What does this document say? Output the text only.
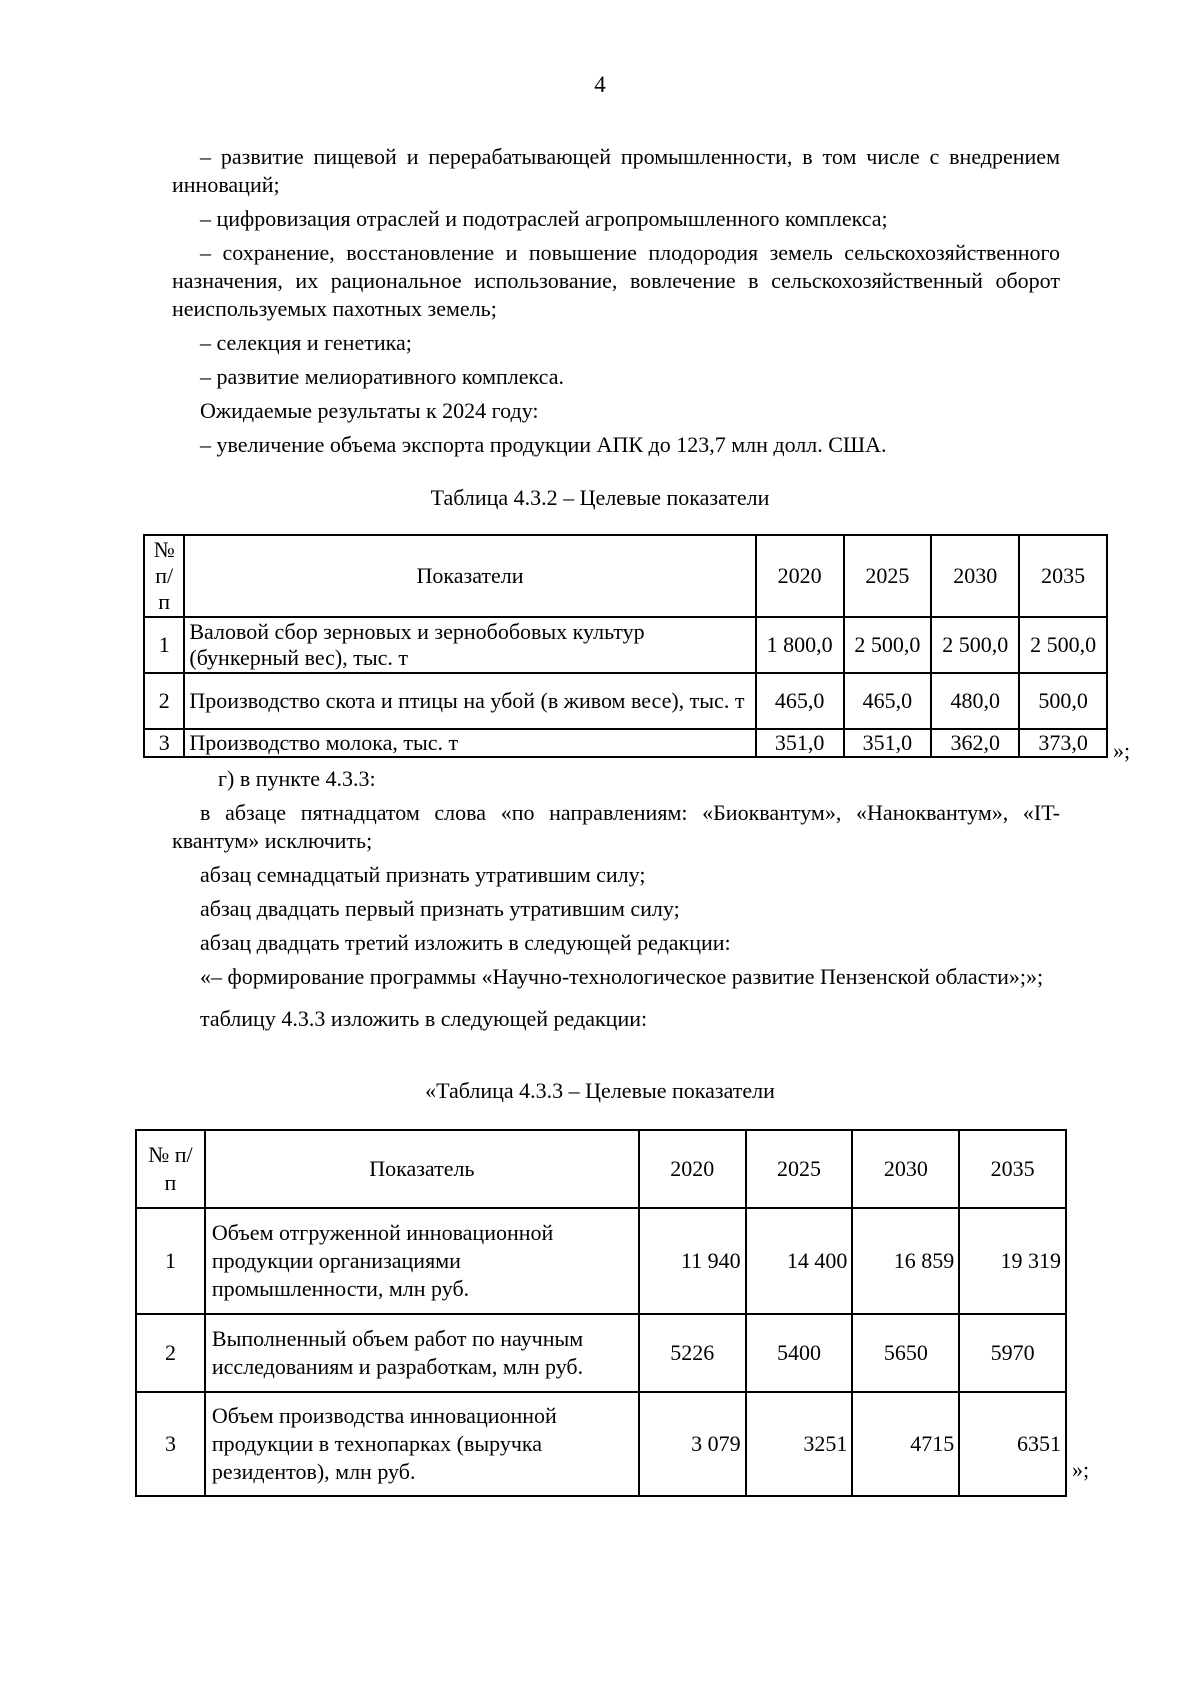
4

– развитие пищевой и перерабатывающей промышленности, в том числе с внедрением инноваций;

– цифровизация отраслей и подотраслей агропромышленного комплекса;

– сохранение, восстановление и повышение плодородия земель сельскохозяйственного назначения, их рациональное использование, вовлечение в сельскохозяйственный оборот неиспользуемых пахотных земель;

– селекция и генетика;

– развитие мелиоративного комплекса.

Ожидаемые результаты к 2024 году:

– увеличение объема экспорта продукции АПК до 123,7 млн долл. США.

Таблица 4.3.2 – Целевые показатели
№ п/ п	Показатели	2020	2025	2030	2035
1	Валовой сбор зерновых и зернобобовых культур (бункерный вес), тыс. т	1 800,0	2 500,0	2 500,0	2 500,0
2	Производство скота и птицы на убой (в живом весе), тыс. т	465,0	465,0	480,0	500,0
3	Производство молока, тыс. т	351,0	351,0	362,0	373,0 »;

г) в пункте 4.3.3:

в абзаце пятнадцатом слова «по направлениям: «Биоквантум», «Наноквантум», «IT-квантум» исключить;

абзац семнадцатый признать утратившим силу;

абзац двадцать первый признать утратившим силу;

абзац двадцать третий изложить в следующей редакции:

«– формирование программы «Научно-технологическое развитие Пензенской области»;»;

таблицу 4.3.3 изложить в следующей редакции:

«Таблица 4.3.3 – Целевые показатели
№ п/п	Показатель	2020	2025	2030	2035
1	Объем отгруженной инновационной продукции организациями промышленности, млн руб.	11 940	14 400	16 859	19 319
2	Выполненный объем работ по научным исследованиям и разработкам, млн руб.	5226	5400	5650	5970
3	Объем производства инновационной продукции в технопарках (выручка резидентов), млн руб.	3 079	3251	4715	6351
»;
